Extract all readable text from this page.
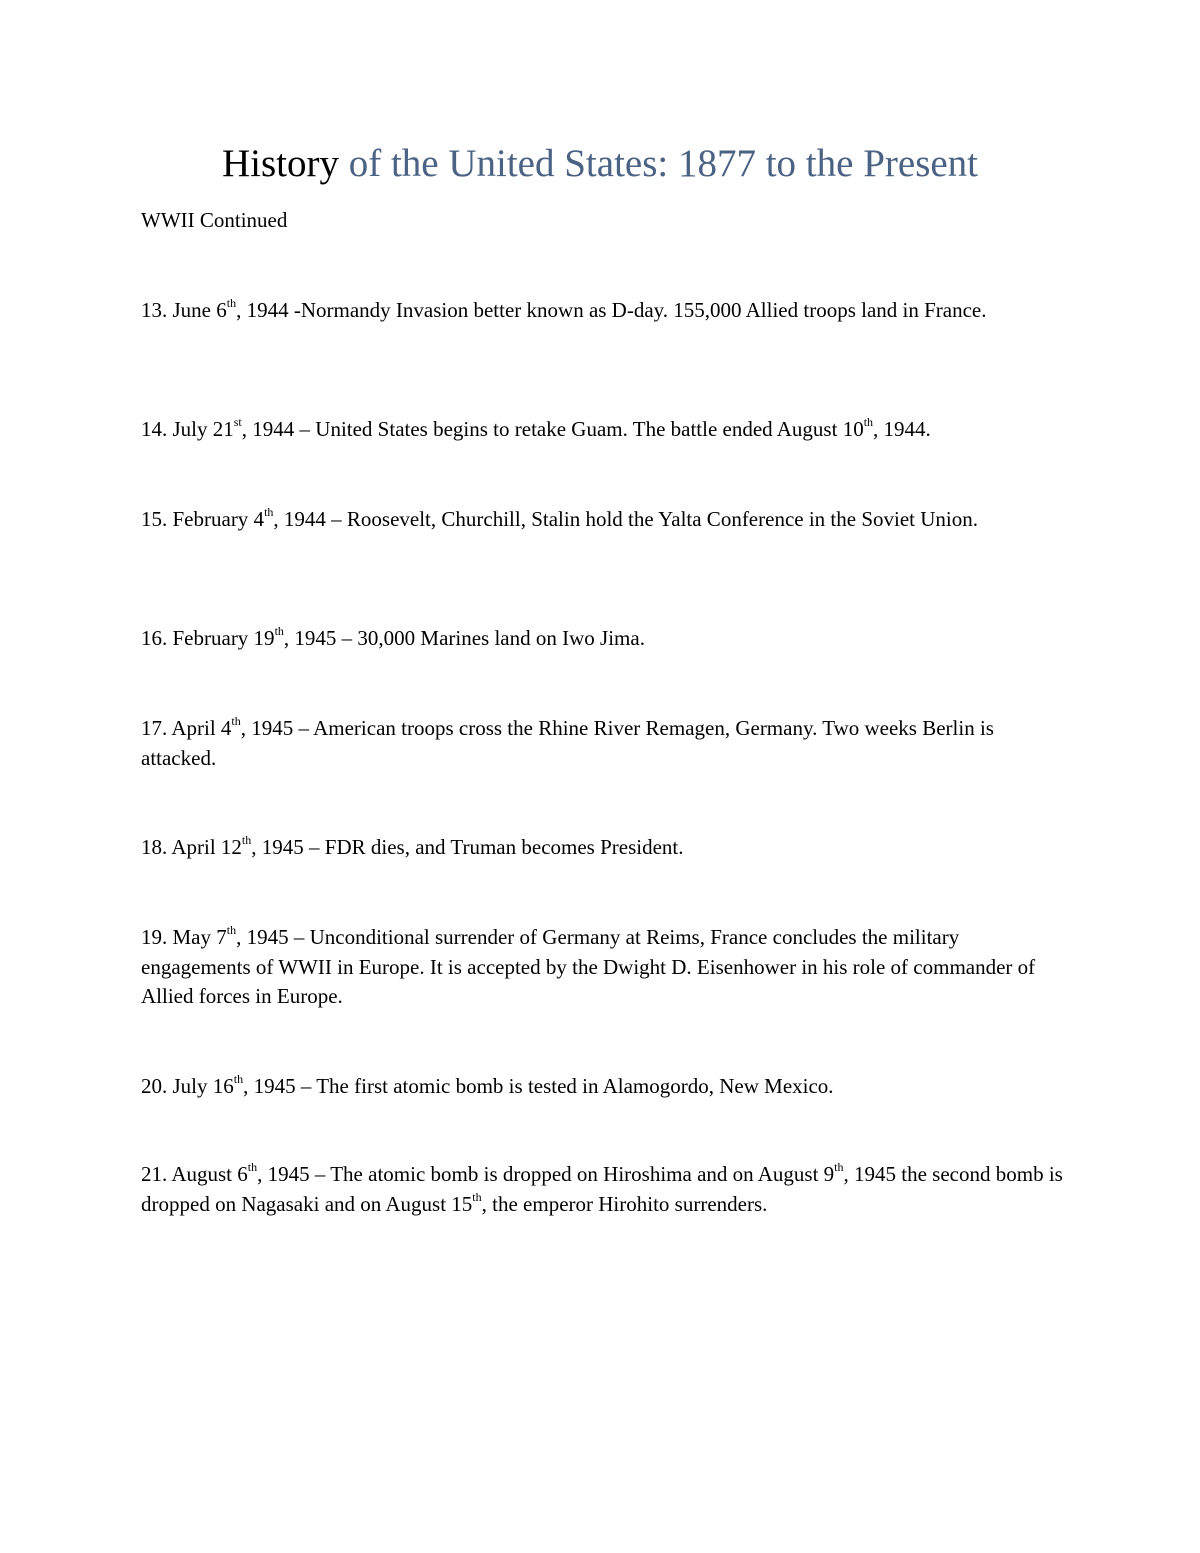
History of the United States: 1877 to the Present
WWII Continued
13. June 6th, 1944 -Normandy Invasion better known as D-day. 155,000 Allied troops land in France.
14. July 21st, 1944 – United States begins to retake Guam. The battle ended August 10th, 1944.
15. February 4th, 1944 – Roosevelt, Churchill, Stalin hold the Yalta Conference in the Soviet Union.
16. February 19th, 1945 – 30,000 Marines land on Iwo Jima.
17. April 4th, 1945 – American troops cross the Rhine River Remagen, Germany. Two weeks Berlin is attacked.
18. April 12th, 1945 – FDR dies, and Truman becomes President.
19. May 7th, 1945 – Unconditional surrender of Germany at Reims, France concludes the military engagements of WWII in Europe. It is accepted by the Dwight D. Eisenhower in his role of commander of Allied forces in Europe.
20. July 16th, 1945 – The first atomic bomb is tested in Alamogordo, New Mexico.
21. August 6th, 1945 – The atomic bomb is dropped on Hiroshima and on August 9th, 1945 the second bomb is dropped on Nagasaki and on August 15th, the emperor Hirohito surrenders.
